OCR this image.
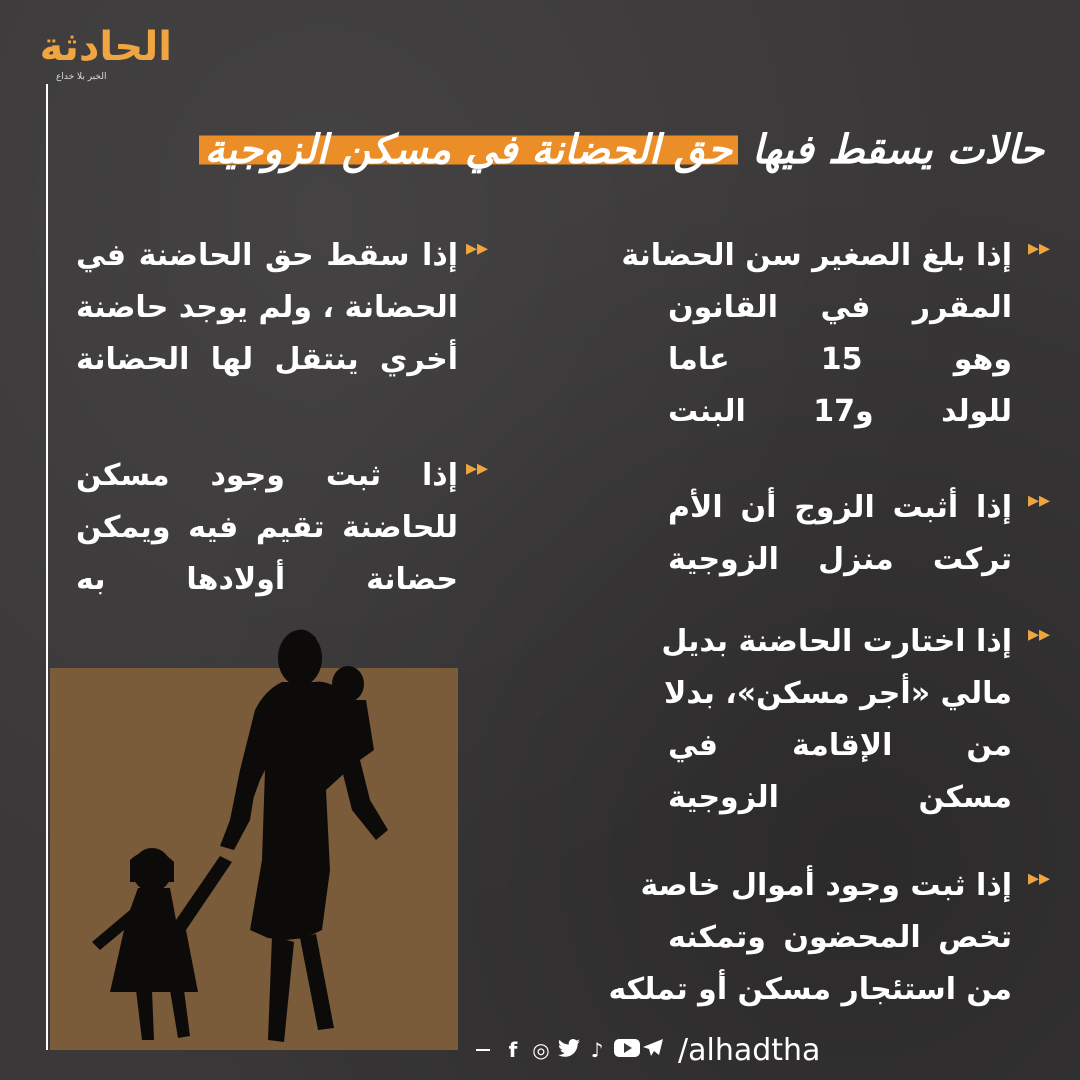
الحادثة
الخبر بلا خداع
حالات يسقط فيها حق الحضانة في مسكن الزوجية
إذا بلغ الصغير سن الحضانة
المقرر في القانون
وهو 15 عاما
للولد و17 البنت
▸▸
إذا أثبت الزوج أن الأم
تركت منزل الزوجية
▸▸
إذا اختارت الحاضنة بديل
مالي «أجر مسكن»، بدلا
من الإقامة في
مسكن الزوجية
▸▸
إذا ثبت وجود أموال خاصة
تخص المحضون وتمكنه
من استئجار مسكن أو تملكه
▸▸
إذا سقط حق الحاضنة في
الحضانة ، ولم يوجد حاضنة
أخري ينتقل لها الحضانة
▸▸
إذا ثبت وجود مسكن
للحاضنة تقيم فيه ويمكن
حضانة أولادها به
▸▸
f ◎ ♪ /alhadtha
